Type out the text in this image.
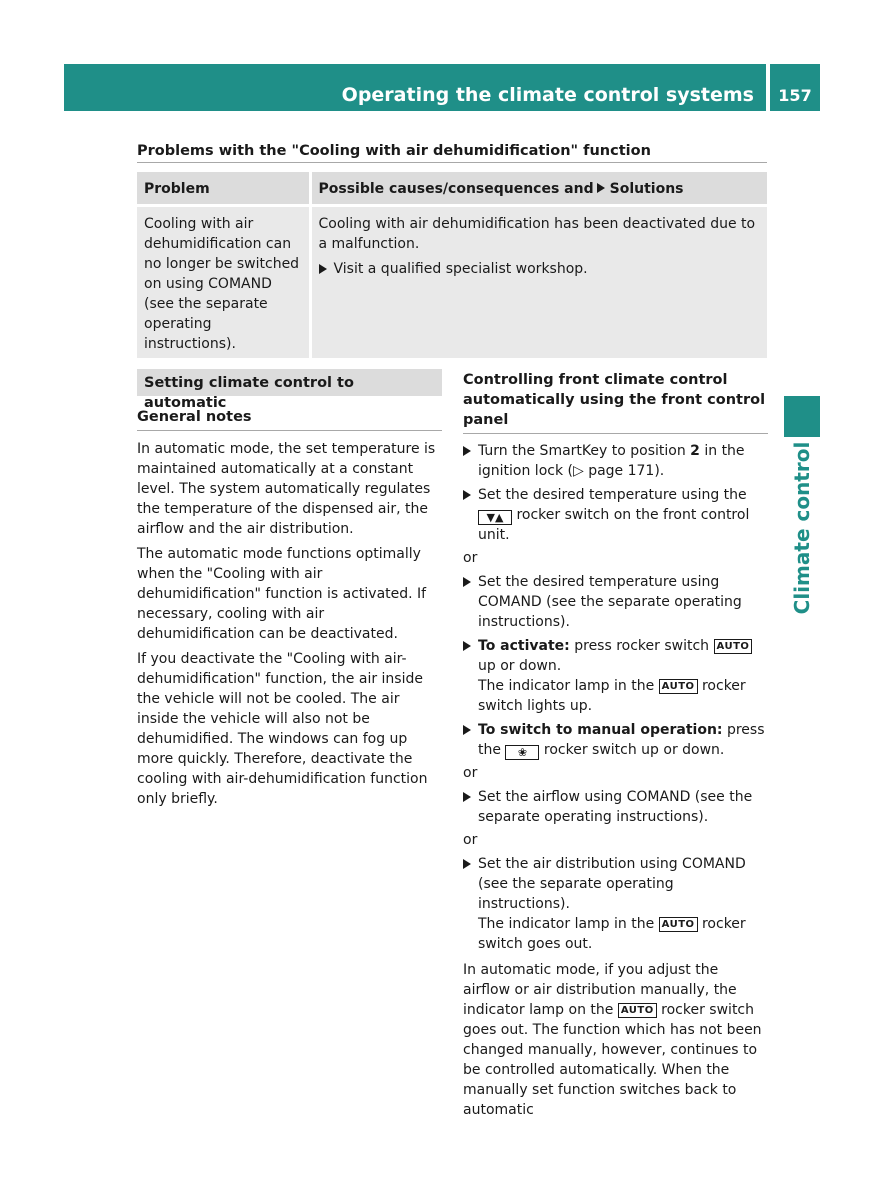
Operating the climate control systems	157
Problems with the "Cooling with air dehumidification" function
Problem	Possible causes/consequences and Solutions
Cooling with air dehumidification can no longer be switched on using COMAND (see the separate operating instructions).	Cooling with air dehumidification has been deactivated due to a malfunction.
Visit a qualified specialist workshop.
Setting climate control to automatic
General notes

In automatic mode, the set temperature is maintained automatically at a constant level. The system automatically regulates the temperature of the dispensed air, the airflow and the air distribution.

The automatic mode functions optimally when the "Cooling with air dehumidification" function is activated. If necessary, cooling with air dehumidification can be deactivated.

If you deactivate the "Cooling with air-dehumidification" function, the air inside the vehicle will not be cooled. The air inside the vehicle will also not be dehumidified. The windows can fog up more quickly. Therefore, deactivate the cooling with air-dehumidification function only briefly.

Controlling front climate control automatically using the front control panel
Turn the SmartKey to position 2 in the ignition lock (▷ page 171).
Set the desired temperature using the ▼▲ rocker switch on the front control unit.
or
Set the desired temperature using COMAND (see the separate operating instructions).
To activate: press rocker switch AUTO up or down.
The indicator lamp in the AUTO rocker switch lights up.
To switch to manual operation: press the ❀ rocker switch up or down.
or
Set the airflow using COMAND (see the separate operating instructions).
or
Set the air distribution using COMAND (see the separate operating instructions).
The indicator lamp in the AUTO rocker switch goes out.
In automatic mode, if you adjust the airflow or air distribution manually, the indicator lamp on the AUTO rocker switch goes out. The function which has not been changed manually, however, continues to be controlled automatically. When the manually set function switches back to automatic
Climate control
